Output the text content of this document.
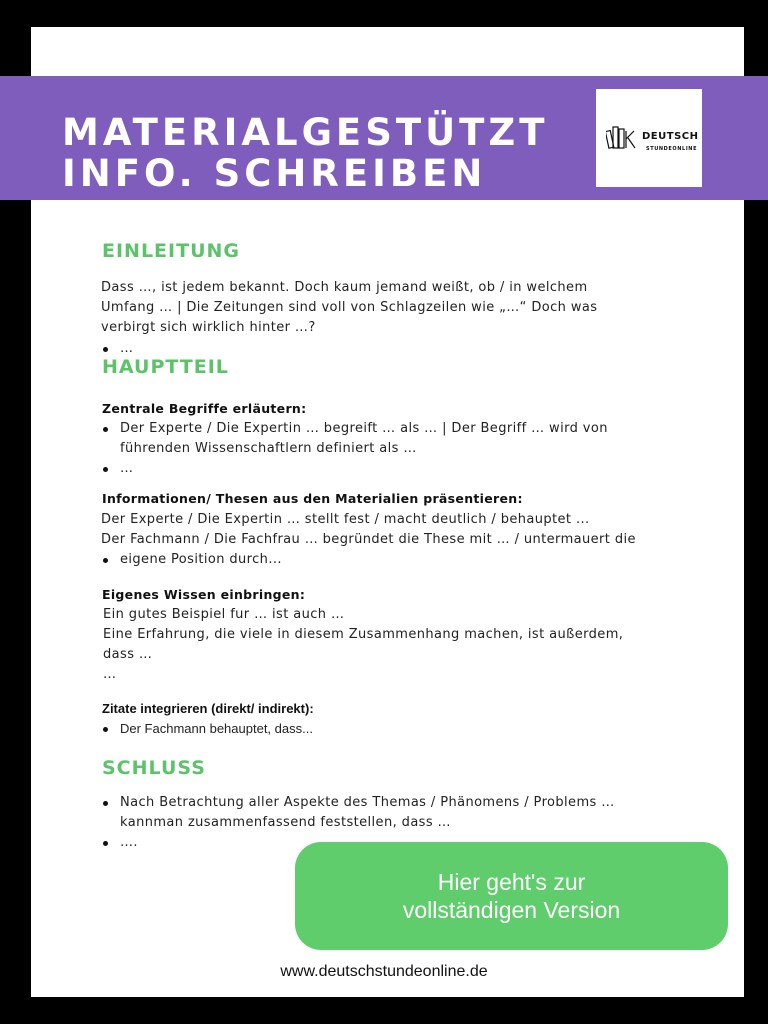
MATERIALGESTÜTZT
INFO. SCHREIBEN
DEUTSCH
STUNDEONLINE
EINLEITUNG
Dass …, ist jedem bekannt. Doch kaum jemand weißt, ob / in welchem
Umfang … | Die Zeitungen sind voll von Schlagzeilen wie „…“ Doch was
verbirgt sich wirklich hinter …?
…
HAUPTTEIL
Zentrale Begriffe erläutern:
Der Experte / Die Expertin … begreift … als … | Der Begriff … wird von
führenden Wissenschaftlern definiert als …
…
Informationen/ Thesen aus den Materialien präsentieren:
Der Experte / Die Expertin … stellt fest / macht deutlich / behauptet ...
Der Fachmann / Die Fachfrau … begründet die These mit … / untermauert die
eigene Position durch...
Eigenes Wissen einbringen:
Ein gutes Beispiel fur … ist auch …
Eine Erfahrung, die viele in diesem Zusammenhang machen, ist außerdem,
dass …
…
Zitate integrieren (direkt/ indirekt):
Der Fachmann behauptet, dass...
SCHLUSS
Nach Betrachtung aller Aspekte des Themas / Phänomens / Problems …
kannman zusammenfassend feststellen, dass …
….
Hier geht's zur
vollständigen Version
www.deutschstundeonline.de
